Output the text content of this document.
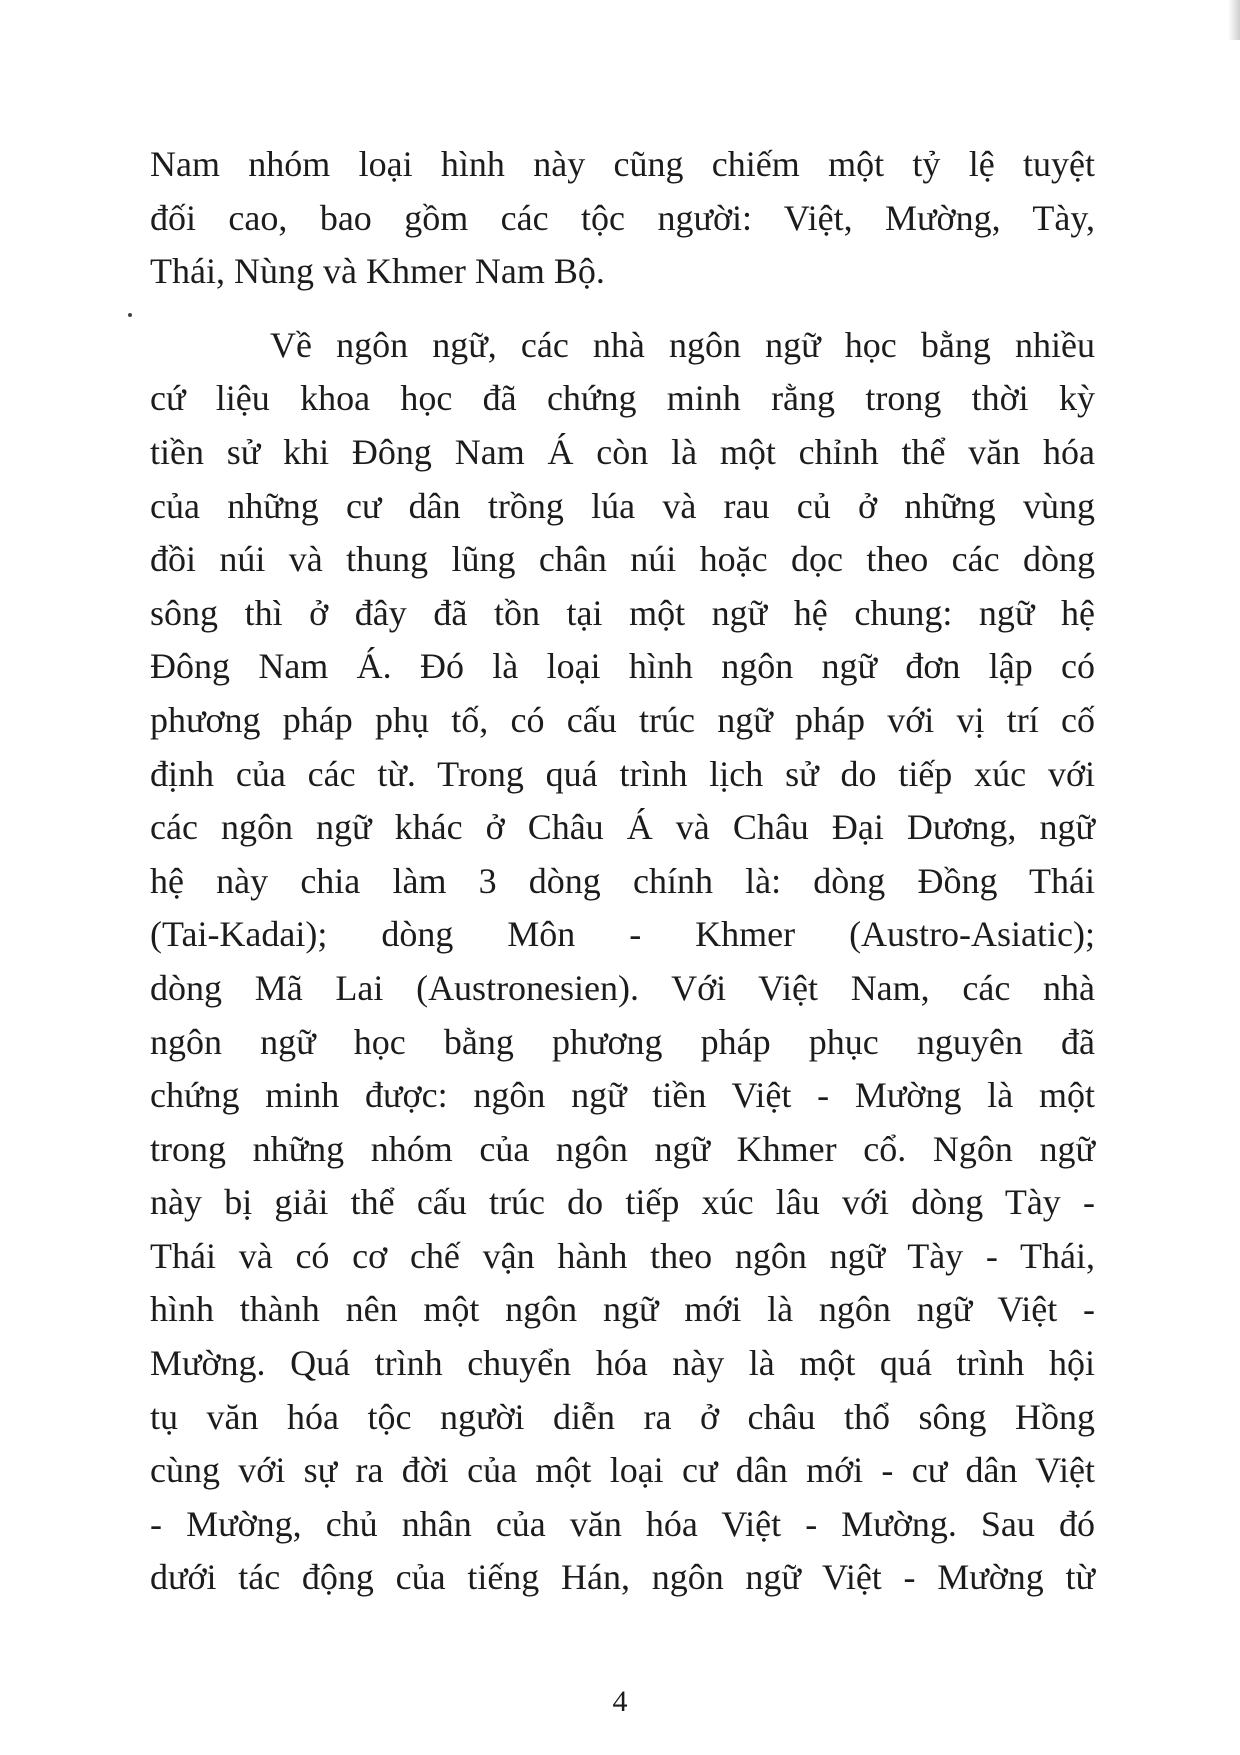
Nam nhóm loại hình này cũng chiếm một tỷ lệ tuyệt
đối cao, bao gồm các tộc người: Việt, Mường, Tày,
Thái, Nùng và Khmer Nam Bộ.
Về ngôn ngữ, các nhà ngôn ngữ học bằng nhiều
cứ liệu khoa học đã chứng minh rằng trong thời kỳ
tiền sử khi Đông Nam Á còn là một chỉnh thể văn hóa
của những cư dân trồng lúa và rau củ ở những vùng
đồi núi và thung lũng chân núi hoặc dọc theo các dòng
sông thì ở đây đã tồn tại một ngữ hệ chung: ngữ hệ
Đông Nam Á. Đó là loại hình ngôn ngữ đơn lập có
phương pháp phụ tố, có cấu trúc ngữ pháp với vị trí cố
định của các từ. Trong quá trình lịch sử do tiếp xúc với
các ngôn ngữ khác ở Châu Á và Châu Đại Dương, ngữ
hệ này chia làm 3 dòng chính là: dòng Đồng Thái
(Tai-Kadai); dòng Môn - Khmer (Austro-Asiatic);
dòng Mã Lai (Austronesien). Với Việt Nam, các nhà
ngôn ngữ học bằng phương pháp phục nguyên đã
chứng minh được: ngôn ngữ tiền Việt - Mường là một
trong những nhóm của ngôn ngữ Khmer cổ. Ngôn ngữ
này bị giải thể cấu trúc do tiếp xúc lâu với dòng Tày -
Thái và có cơ chế vận hành theo ngôn ngữ Tày - Thái,
hình thành nên một ngôn ngữ mới là ngôn ngữ Việt -
Mường. Quá trình chuyển hóa này là một quá trình hội
tụ văn hóa tộc người diễn ra ở châu thổ sông Hồng
cùng với sự ra đời của một loại cư dân mới - cư dân Việt
- Mường, chủ nhân của văn hóa Việt - Mường. Sau đó
dưới tác động của tiếng Hán, ngôn ngữ Việt - Mường từ
4
